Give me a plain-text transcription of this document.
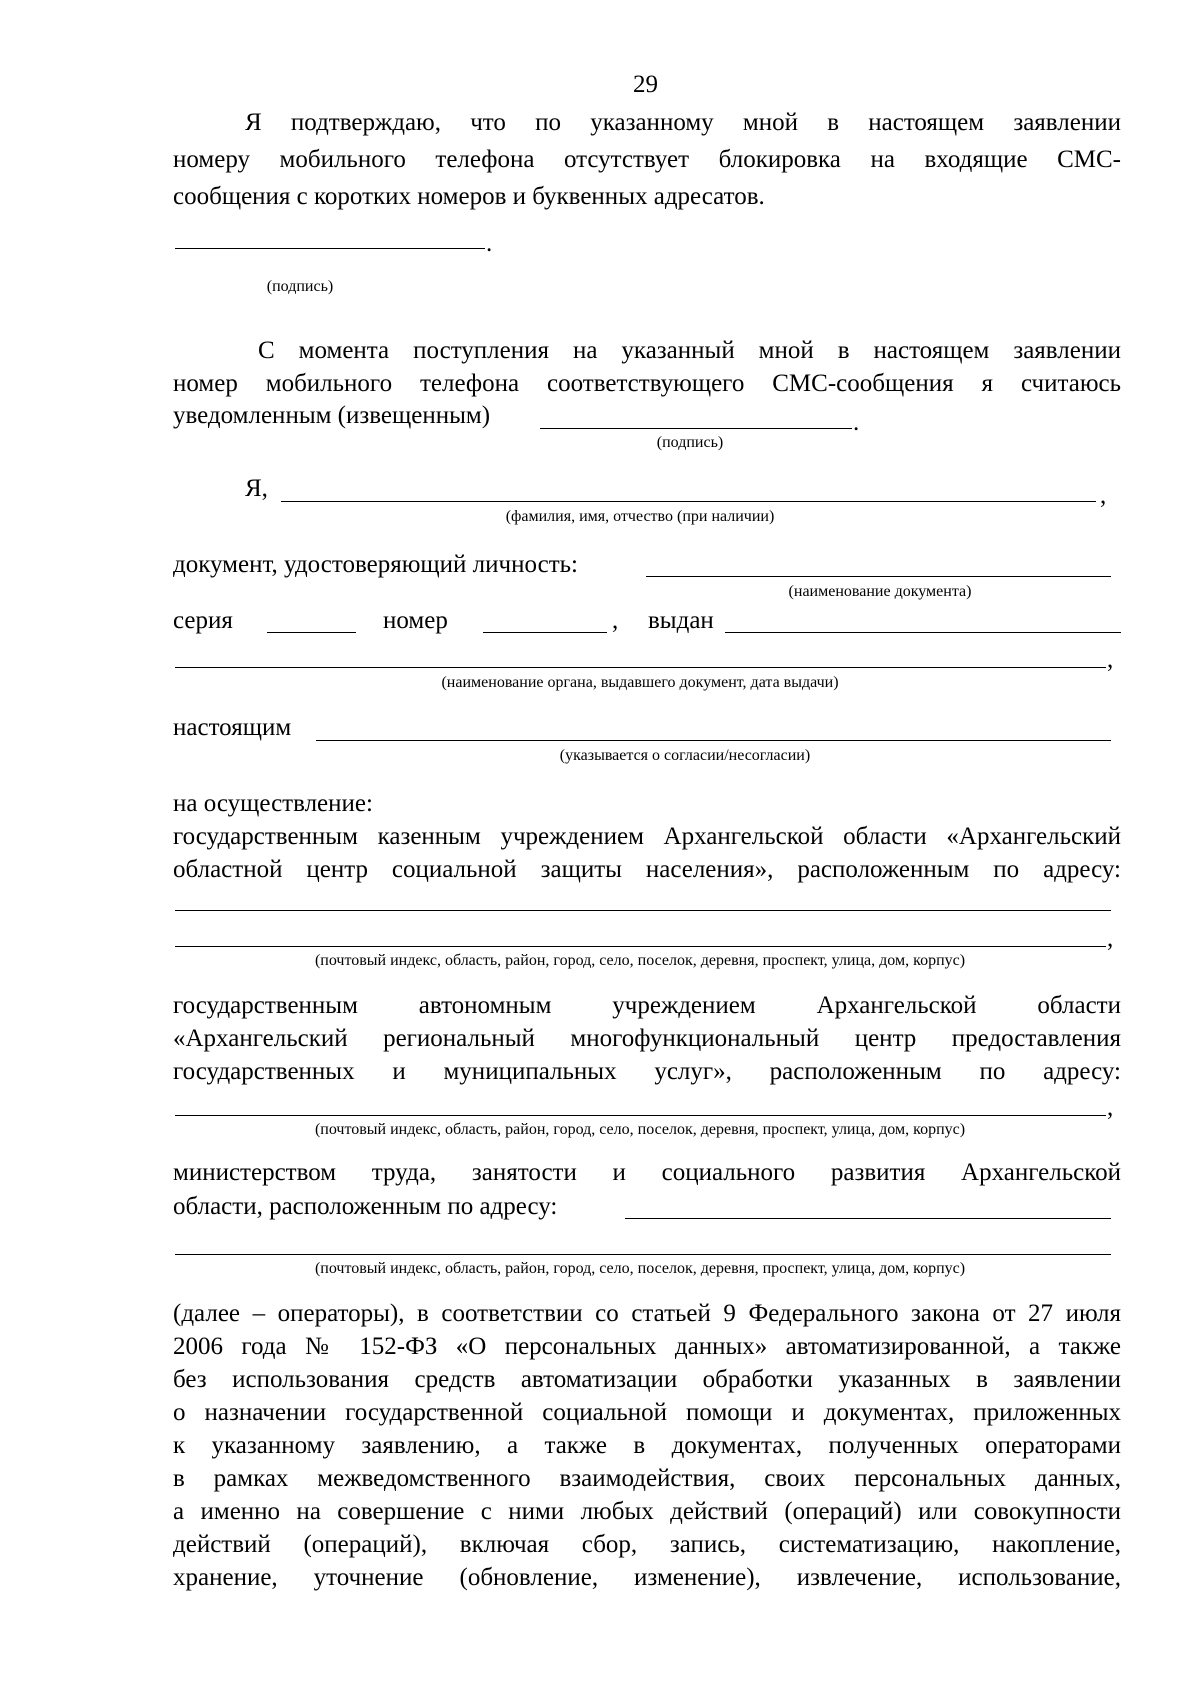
29
Я подтверждаю, что по указанному мной в настоящем заявлении
номеру мобильного телефона отсутствует блокировка на входящие СМС-
сообщения с коротких номеров и буквенных адресатов.
.
(подпись)
С момента поступления на указанный мной в настоящем заявлении
номер мобильного телефона соответствующего СМС-сообщения я считаюсь
уведомленным (извещенным)	.
(подпись)
Я,	,
(фамилия, имя, отчество (при наличии)
документ, удостоверяющий личность:
(наименование документа)
серия	номер	, выдан
,
(наименование органа, выдавшего документ, дата выдачи)
настоящим
(указывается о согласии/несогласии)
на осуществление:
государственным казенным учреждением Архангельской области «Архангельский
областной центр социальной защиты населения», расположенным по адресу:
,
(почтовый индекс, область, район, город, село, поселок, деревня, проспект, улица, дом, корпус)
государственным автономным учреждением Архангельской области
«Архангельский региональный многофункциональный центр предоставления
государственных и муниципальных услуг», расположенным по адресу:
,
(почтовый индекс, область, район, город, село, поселок, деревня, проспект, улица, дом, корпус)
министерством труда, занятости и социального развития Архангельской
области, расположенным по адресу:
(почтовый индекс, область, район, город, село, поселок, деревня, проспект, улица, дом, корпус)
(далее – операторы), в соответствии со статьей 9 Федерального закона от 27 июля
2006 года № 152-ФЗ «О персональных данных» автоматизированной, а также
без использования средств автоматизации обработки указанных в заявлении
о назначении государственной социальной помощи и документах, приложенных
к указанному заявлению, а также в документах, полученных операторами
в рамках межведомственного взаимодействия, своих персональных данных,
а именно на совершение с ними любых действий (операций) или совокупности
действий (операций), включая сбор, запись, систематизацию, накопление,
хранение, уточнение (обновление, изменение), извлечение, использование,
